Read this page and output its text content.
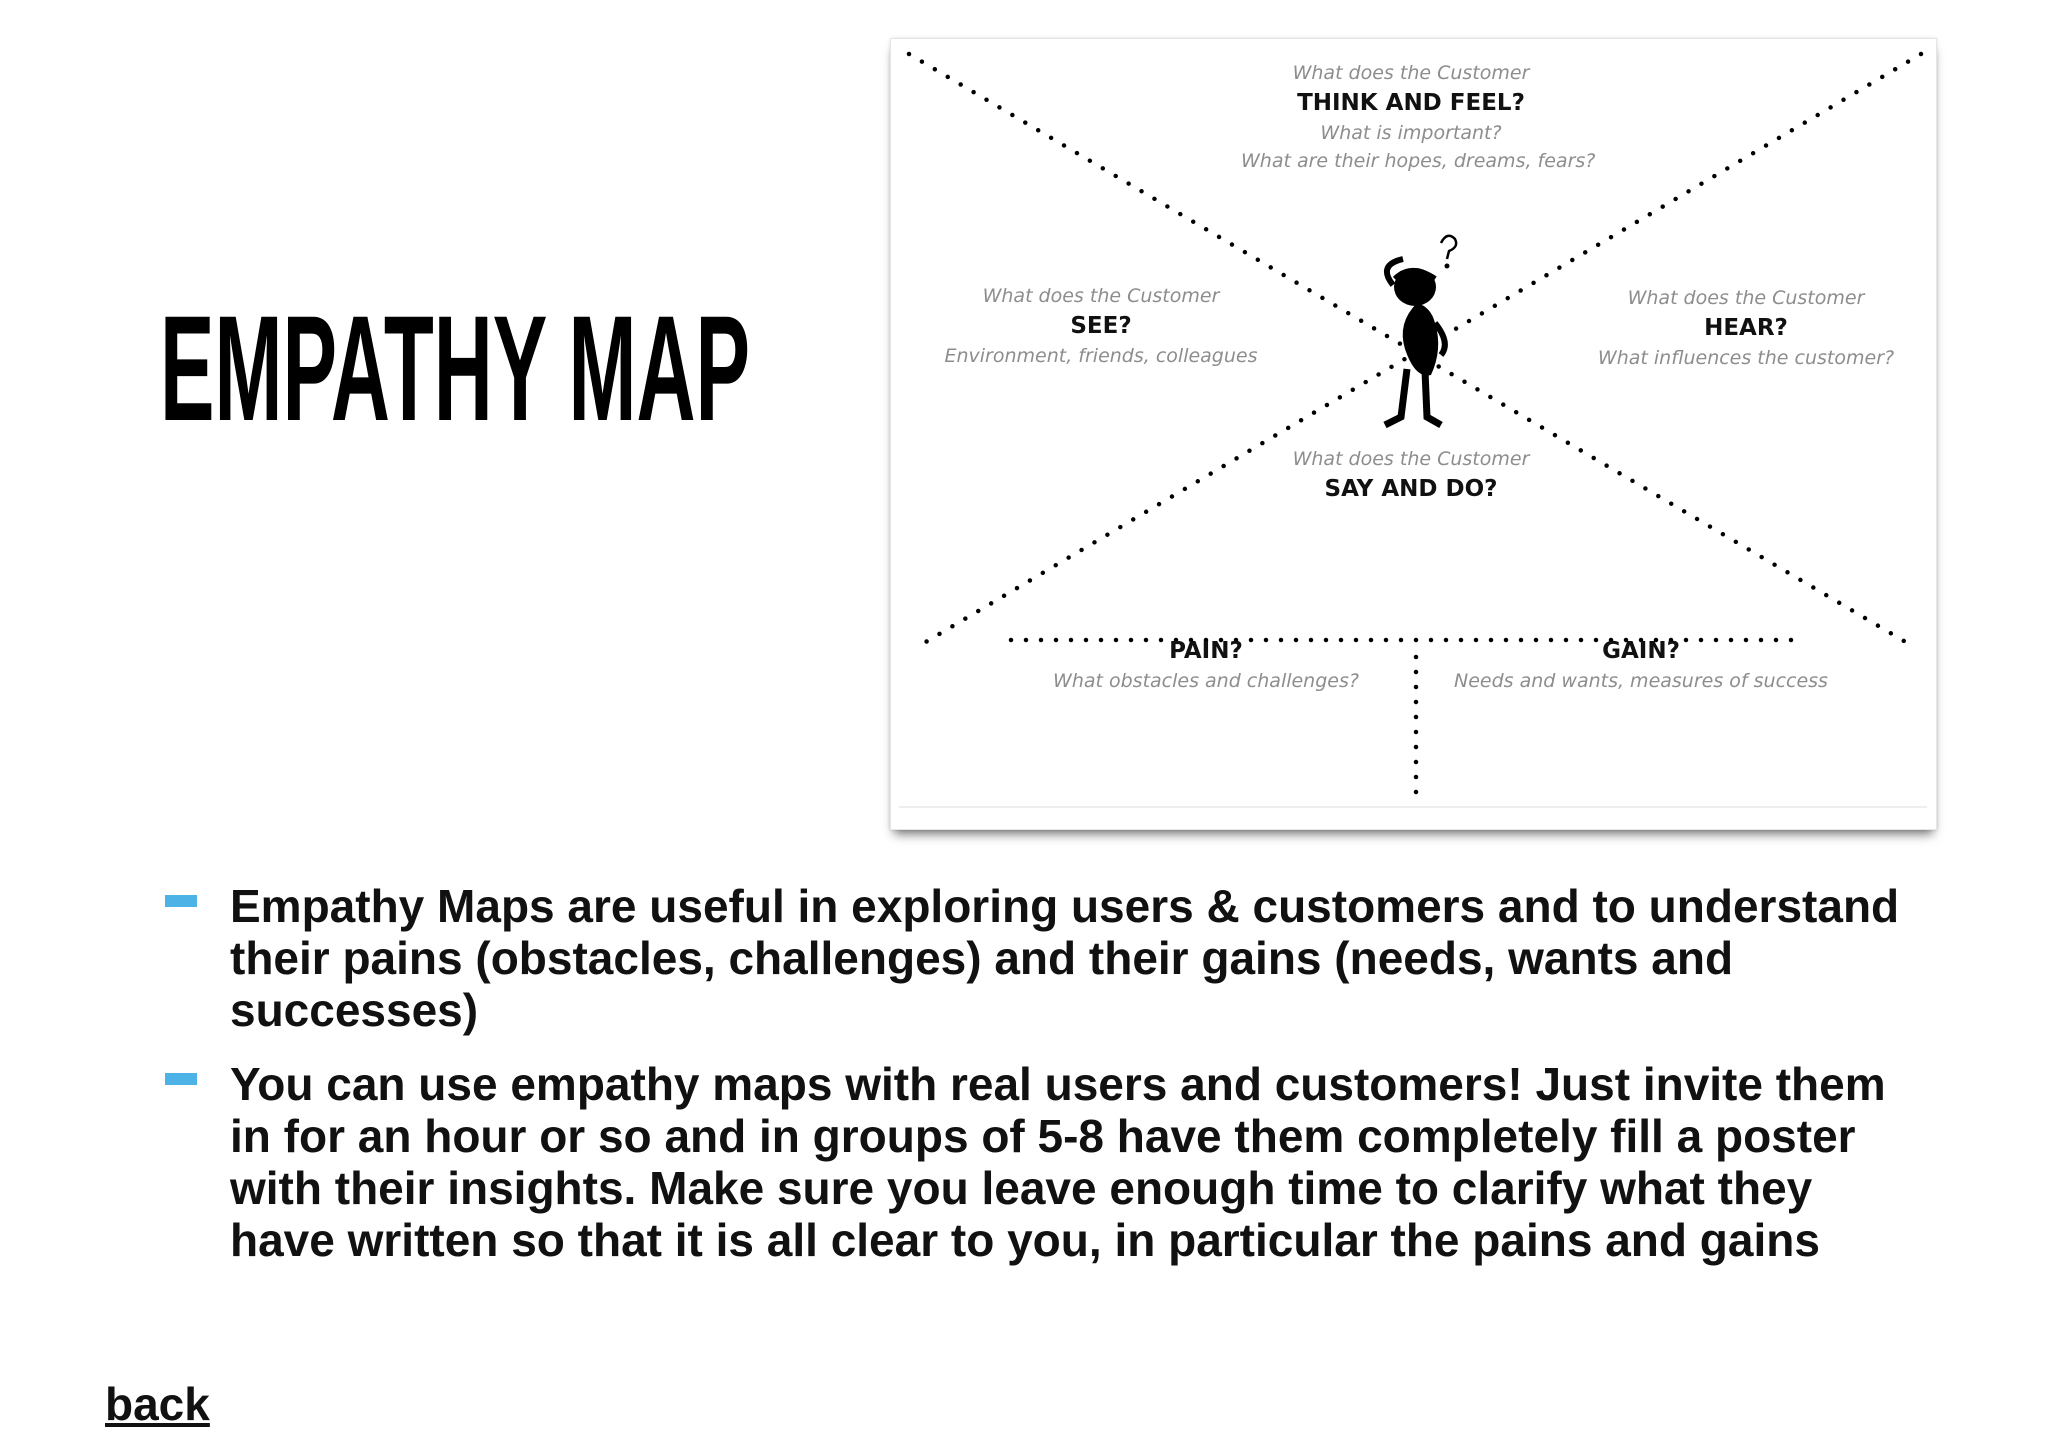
EMPATHY MAP
What does the Customer
THINK AND FEEL?
What is important?
What are their hopes, dreams, fears?
What does the Customer
SEE?
Environment, friends, colleagues
What does the Customer
HEAR?
What influences the customer?
What does the Customer
SAY AND DO?
PAIN?
What obstacles and challenges?
GAIN?
Needs and wants, measures of success
Empathy Maps are useful in exploring users & customers and to understand their pains (obstacles, challenges) and their gains (needs, wants and successes)
You can use empathy maps with real users and customers! Just invite them in for an hour or so and in groups of 5-8 have them completely fill a poster with their insights. Make sure you leave enough time to clarify what they have written so that it is all clear to you, in particular the pains and gains
back
